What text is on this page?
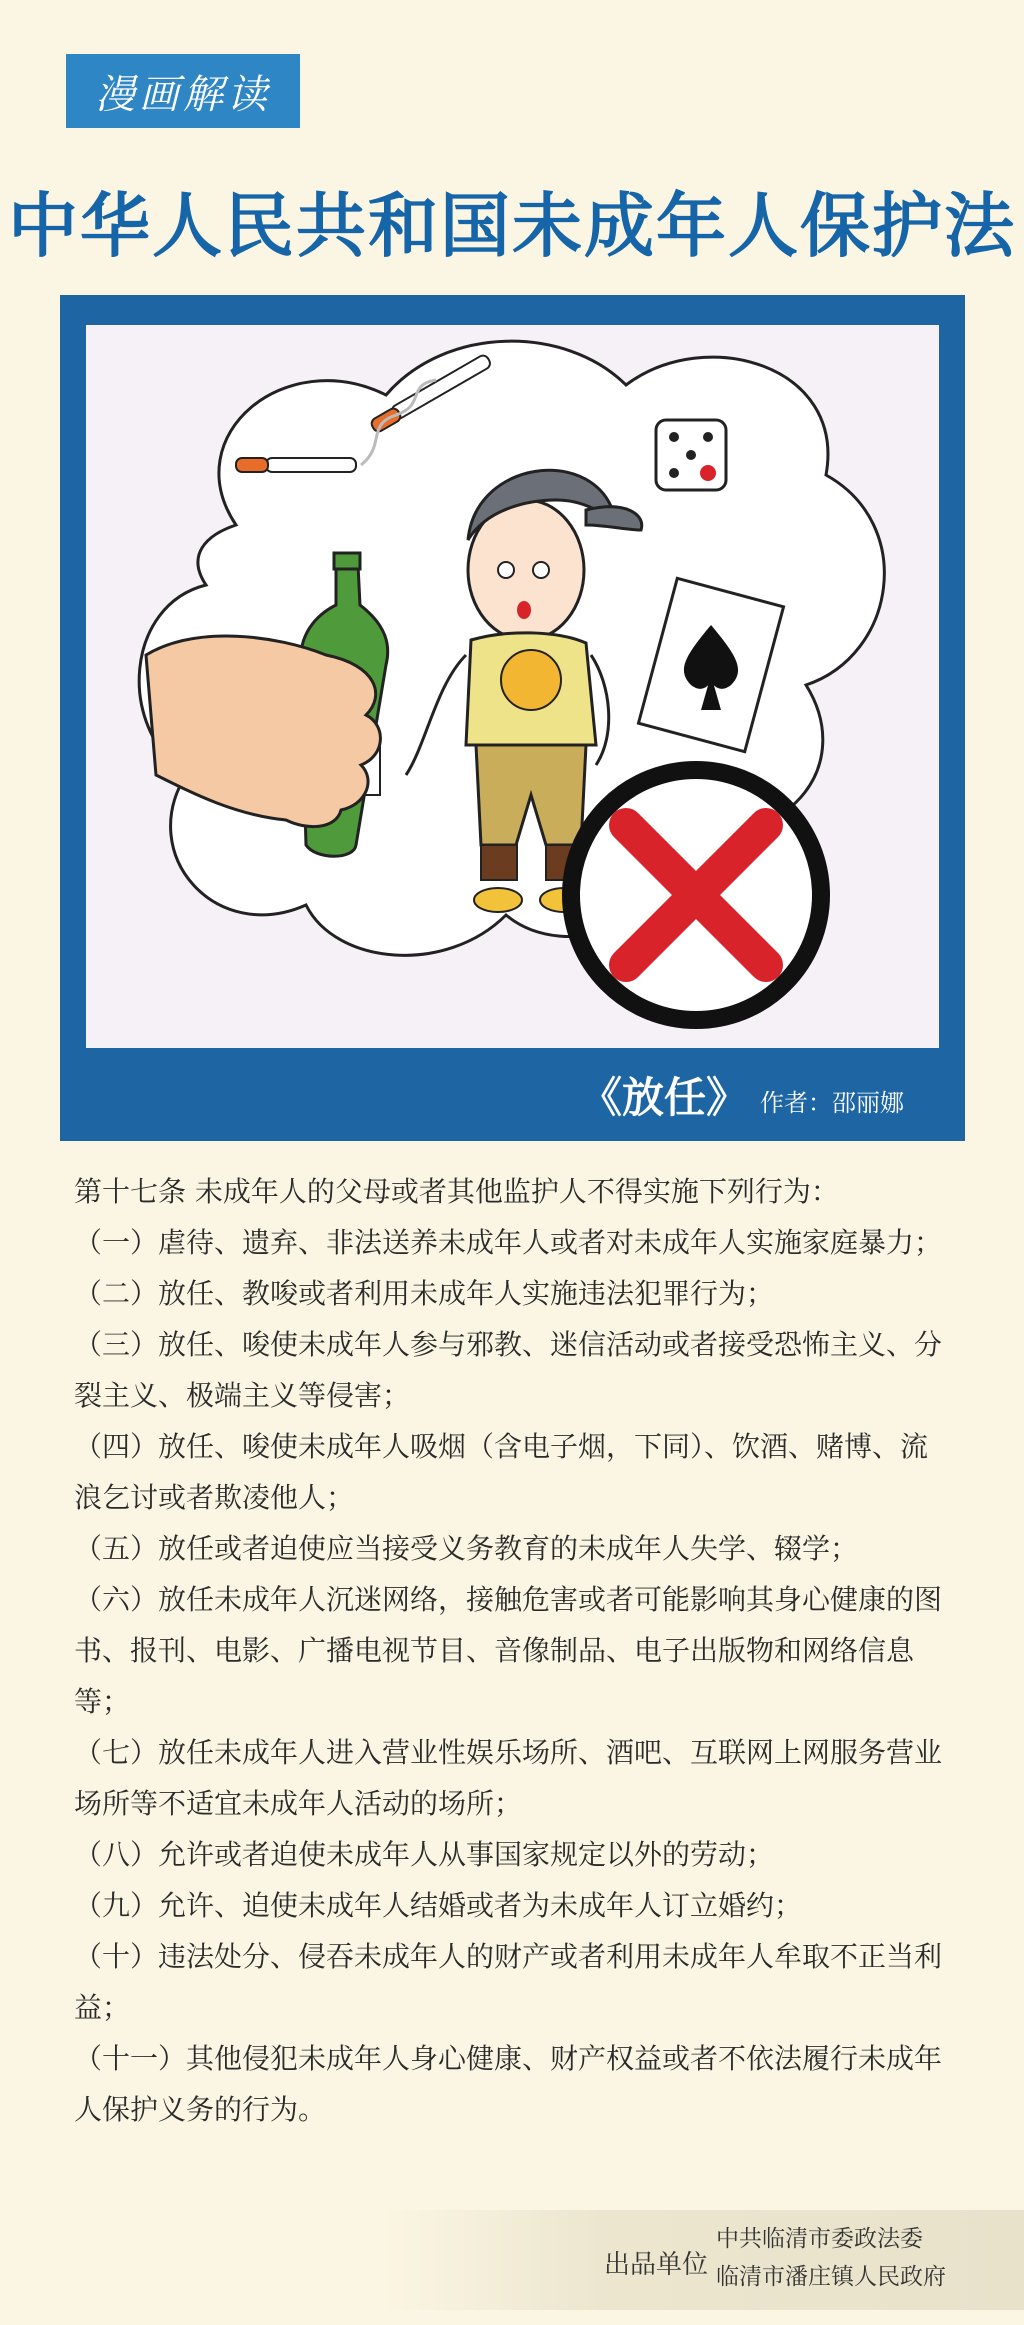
漫画解读
中华人民共和国未成年人保护法
《放任》 作者：邵丽娜

第十七条 未成年人的父母或者其他监护人不得实施下列行为：

（一）虐待、遗弃、非法送养未成年人或者对未成年人实施家庭暴力；

（二）放任、教唆或者利用未成年人实施违法犯罪行为；

（三）放任、唆使未成年人参与邪教、迷信活动或者接受恐怖主义、分裂主义、极端主义等侵害；

（四）放任、唆使未成年人吸烟（含电子烟，下同）、饮酒、赌博、流浪乞讨或者欺凌他人；

（五）放任或者迫使应当接受义务教育的未成年人失学、辍学；

（六）放任未成年人沉迷网络，接触危害或者可能影响其身心健康的图书、报刊、电影、广播电视节目、音像制品、电子出版物和网络信息等；

（七）放任未成年人进入营业性娱乐场所、酒吧、互联网上网服务营业场所等不适宜未成年人活动的场所；

（八）允许或者迫使未成年人从事国家规定以外的劳动；

（九）允许、迫使未成年人结婚或者为未成年人订立婚约；

（十）违法处分、侵吞未成年人的财产或者利用未成年人牟取不正当利益；

（十一）其他侵犯未成年人身心健康、财产权益或者不依法履行未成年人保护义务的行为。

出品单位
中共临清市委政法委
临清市潘庄镇人民政府
